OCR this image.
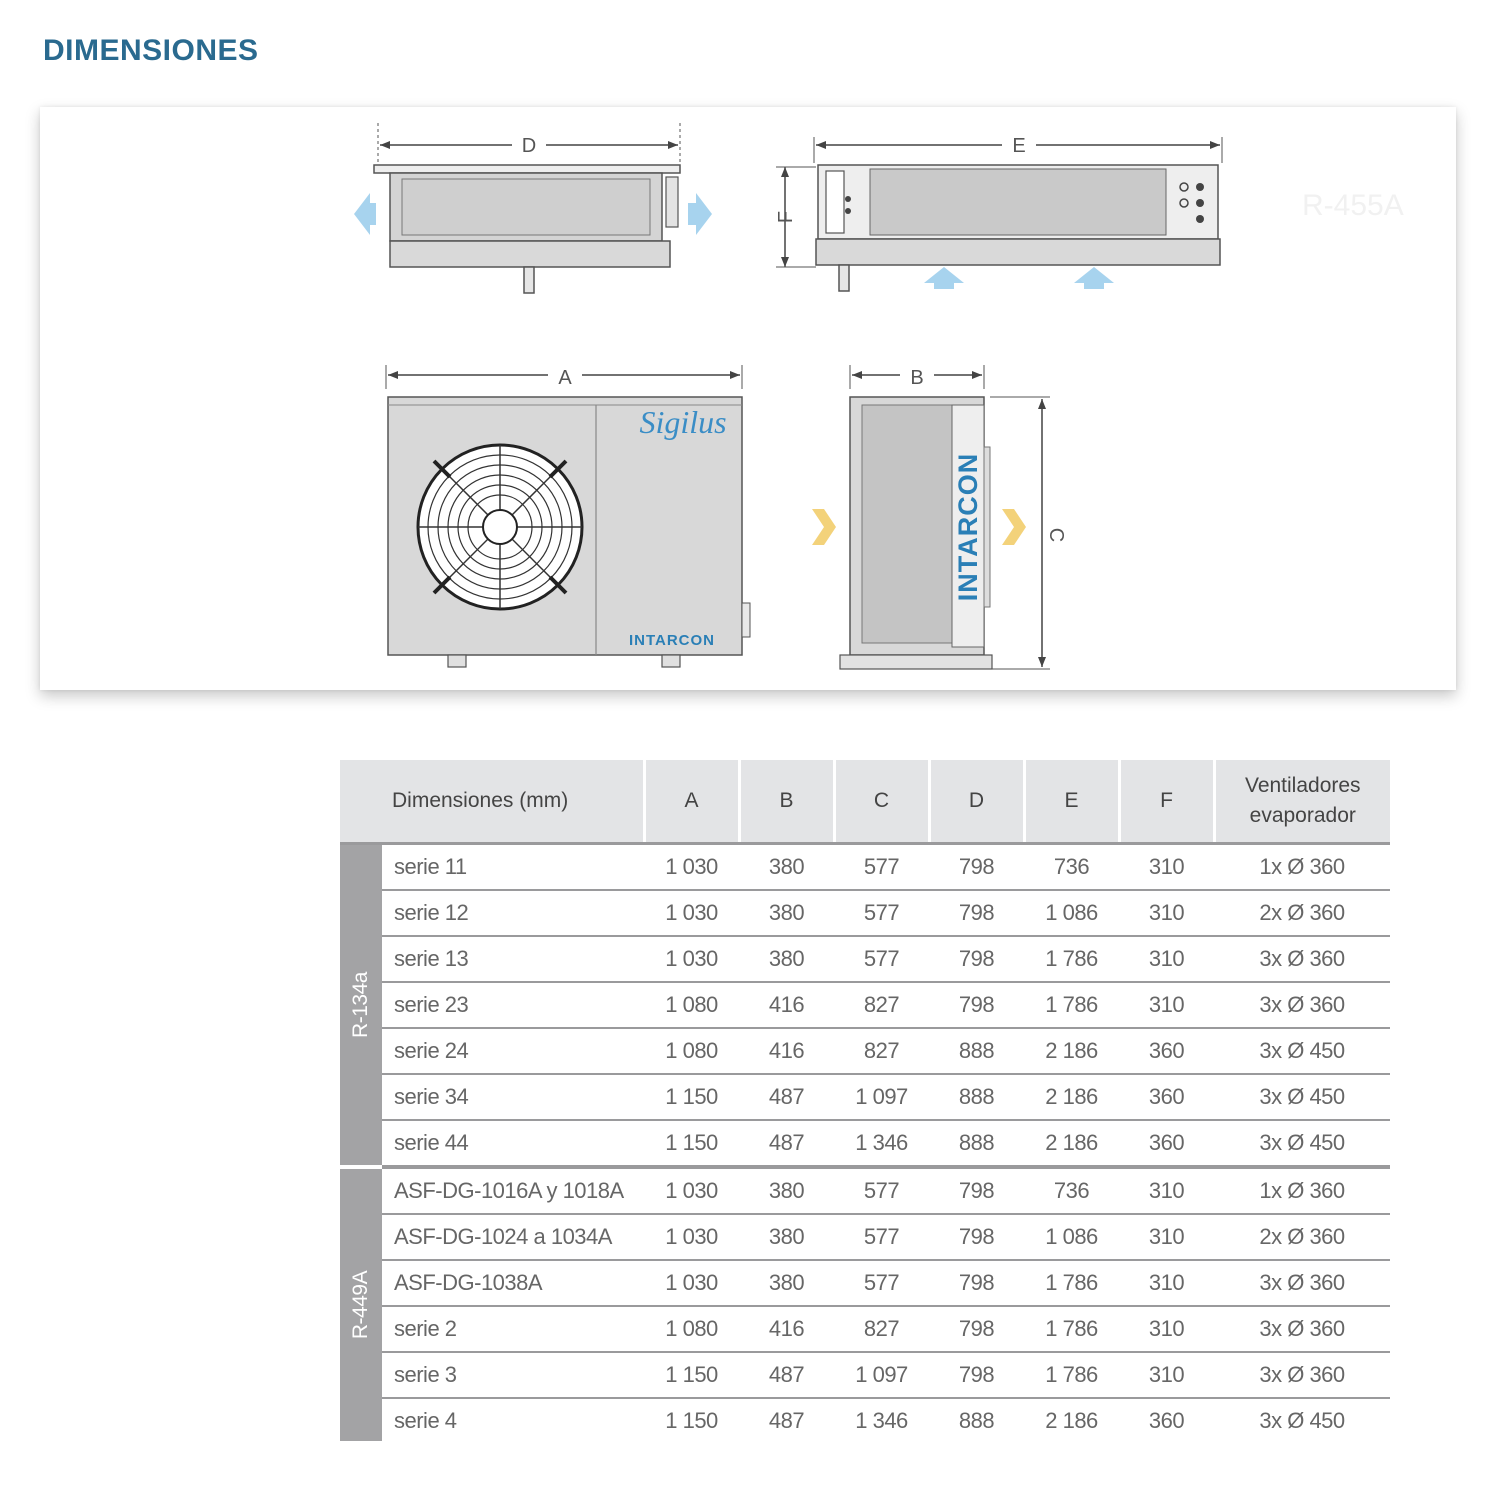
DIMENSIONES
R-455A
D	E
F
A
Sigilus
INTARCON
B
C
INTARCON
Dimensiones (mm)		A	B	C	D	E	F	Ventiladores
evaporador

R-134a	serie 11	1 030	380	577	798	736	310	1x Ø 360
	serie 12	1 030	380	577	798	1 086	310	2x Ø 360
	serie 13	1 030	380	577	798	1 786	310	3x Ø 360
	serie 23	1 080	416	827	798	1 786	310	3x Ø 360
	serie 24	1 080	416	827	888	2 186	360	3x Ø 450
	serie 34	1 150	487	1 097	888	2 186	360	3x Ø 450
	serie 44	1 150	487	1 346	888	2 186	360	3x Ø 450

R-449A	ASF-DG-1016A y 1018A	1 030	380	577	798	736	310	1x Ø 360
	ASF-DG-1024 a 1034A	1 030	380	577	798	1 086	310	2x Ø 360
	ASF-DG-1038A	1 030	380	577	798	1 786	310	3x Ø 360
	serie 2	1 080	416	827	798	1 786	310	3x Ø 360
	serie 3	1 150	487	1 097	798	1 786	310	3x Ø 360
	serie 4	1 150	487	1 346	888	2 186	360	3x Ø 450
